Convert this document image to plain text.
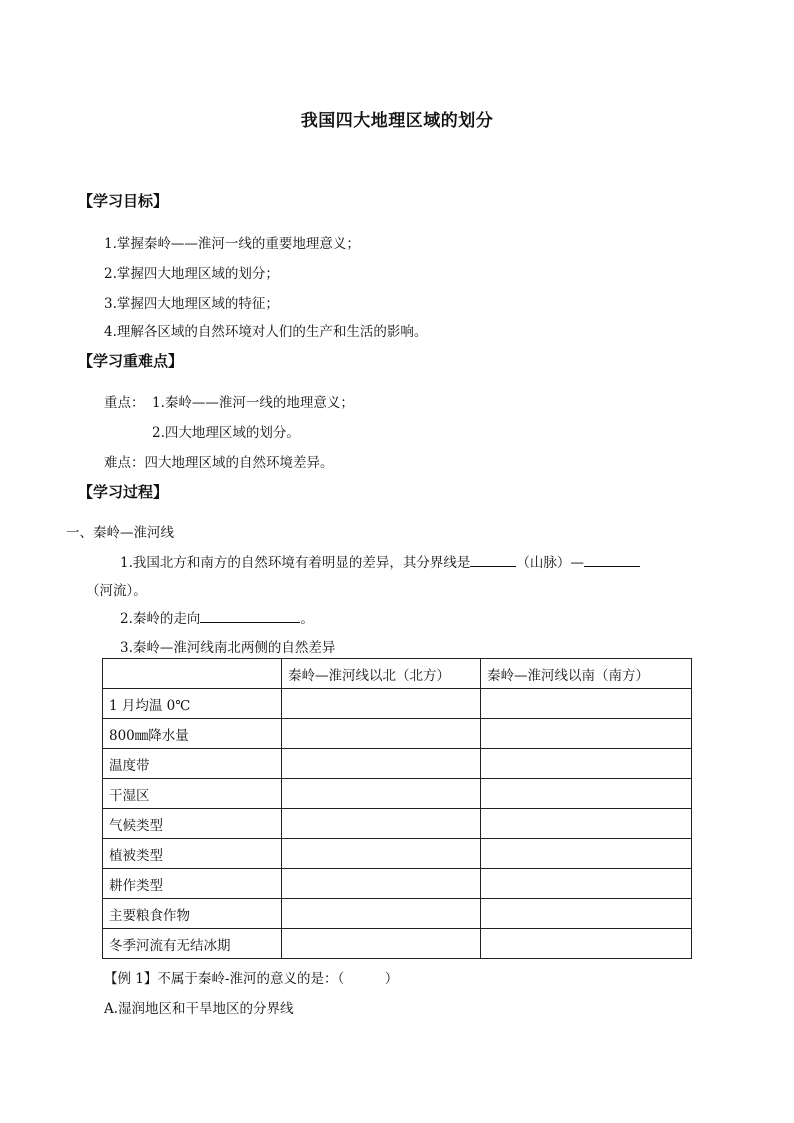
我国四大地理区域的划分
【学习目标】
1.掌握秦岭——淮河一线的重要地理意义；
2.掌握四大地理区域的划分；
3.掌握四大地理区域的特征；
4.理解各区域的自然环境对人们的生产和生活的影响。
【学习重难点】
重点： 1.秦岭——淮河一线的地理意义；
2.四大地理区域的划分。
难点：四大地理区域的自然环境差异。
【学习过程】
一、秦岭—淮河线
1.我国北方和南方的自然环境有着明显的差异，其分界线是	（山脉）—
（河流）。
2.秦岭的走向	。
3.秦岭—淮河线南北两侧的自然差异
	秦岭—淮河线以北（北方）	秦岭—淮河线以南（南方）
1 月均温 0℃		
800㎜降水量		
温度带		
干湿区		
气候类型		
植被类型		
耕作类型		
主要粮食作物		
冬季河流有无结冰期		
【例 1】不属于秦岭-淮河的意义的是：（　　　）
A.湿润地区和干旱地区的分界线
